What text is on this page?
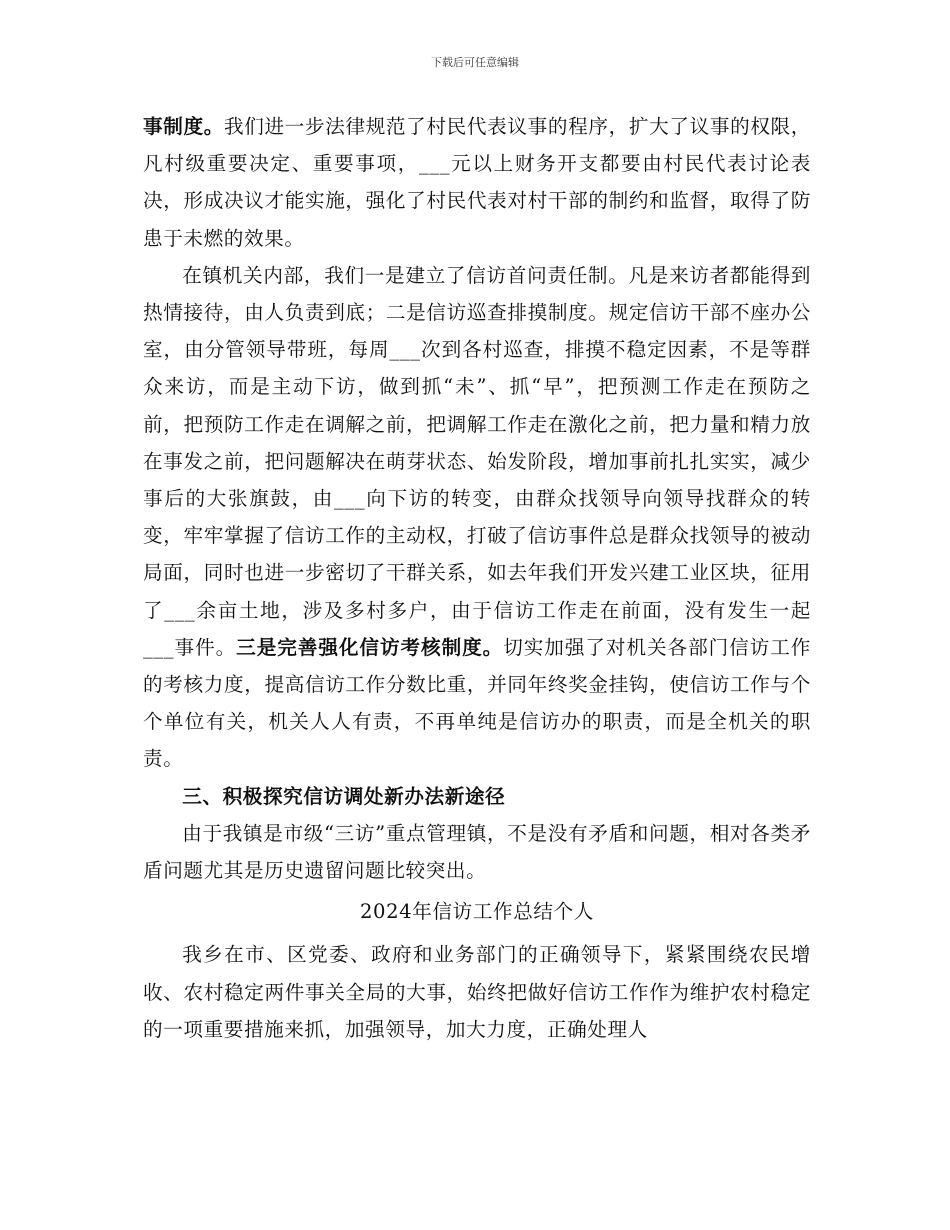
下载后可任意编辑

事制度。我们进一步法律规范了村民代表议事的程序，扩大了议事的权限，凡村级重要决定、重要事项，___元以上财务开支都要由村民代表讨论表决，形成决议才能实施，强化了村民代表对村干部的制约和监督，取得了防患于未燃的效果。

在镇机关内部，我们一是建立了信访首问责任制。凡是来访者都能得到热情接待，由人负责到底；二是信访巡查排摸制度。规定信访干部不座办公室，由分管领导带班，每周___次到各村巡查，排摸不稳定因素，不是等群众来访，而是主动下访，做到抓“未”、抓“早”，把预测工作走在预防之前，把预防工作走在调解之前，把调解工作走在激化之前，把力量和精力放在事发之前，把问题解决在萌芽状态、始发阶段，增加事前扎扎实实，减少事后的大张旗鼓，由___向下访的转变，由群众找领导向领导找群众的转变，牢牢掌握了信访工作的主动权，打破了信访事件总是群众找领导的被动局面，同时也进一步密切了干群关系，如去年我们开发兴建工业区块，征用了___余亩土地，涉及多村多户，由于信访工作走在前面，没有发生一起___事件。三是完善强化信访考核制度。切实加强了对机关各部门信访工作的考核力度，提高信访工作分数比重，并同年终奖金挂钩，使信访工作与个个单位有关，机关人人有责，不再单纯是信访办的职责，而是全机关的职责。

三、积极探究信访调处新办法新途径

由于我镇是市级“三访”重点管理镇，不是没有矛盾和问题，相对各类矛盾问题尤其是历史遗留问题比较突出。

2024年信访工作总结个人

我乡在市、区党委、政府和业务部门的正确领导下，紧紧围绕农民增收、农村稳定两件事关全局的大事，始终把做好信访工作作为维护农村稳定的一项重要措施来抓，加强领导，加大力度，正确处理人
